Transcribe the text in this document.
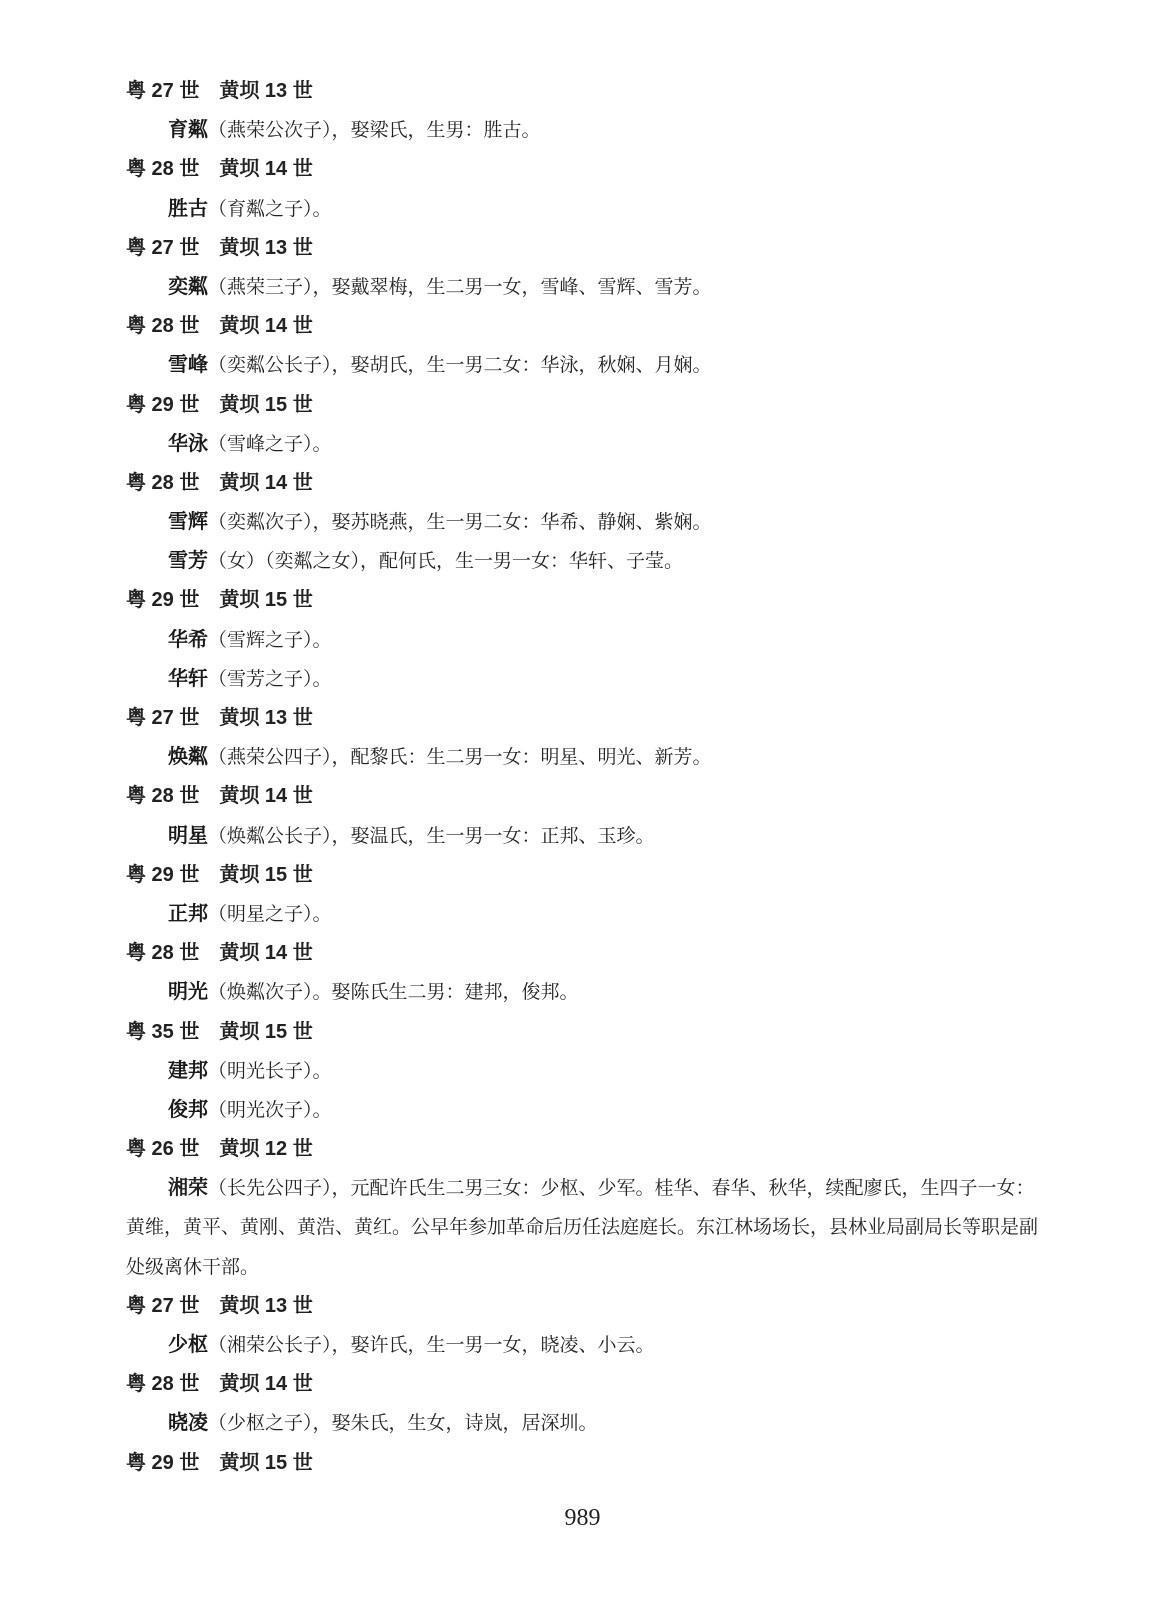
粤 27 世 黄坝 13 世
育粼（燕荣公次子），娶梁氏，生男：胜古。
粤 28 世 黄坝 14 世
胜古（育粼之子）。
粤 27 世 黄坝 13 世
奕粼（燕荣三子），娶戴翠梅，生二男一女，雪峰、雪辉、雪芳。
粤 28 世 黄坝 14 世
雪峰（奕粼公长子），娶胡氏，生一男二女：华泳，秋娴、月娴。
粤 29 世 黄坝 15 世
华泳（雪峰之子）。
粤 28 世 黄坝 14 世
雪辉（奕粼次子），娶苏晓燕，生一男二女：华希、静娴、紫娴。
雪芳（女）（奕粼之女），配何氏，生一男一女：华轩、子莹。
粤 29 世 黄坝 15 世
华希（雪辉之子）。
华轩（雪芳之子）。
粤 27 世 黄坝 13 世
焕粼（燕荣公四子），配黎氏：生二男一女：明星、明光、新芳。
粤 28 世 黄坝 14 世
明星（焕粼公长子），娶温氏，生一男一女：正邦、玉珍。
粤 29 世 黄坝 15 世
正邦（明星之子）。
粤 28 世 黄坝 14 世
明光（焕粼次子）。娶陈氏生二男：建邦，俊邦。
粤 35 世 黄坝 15 世
建邦（明光长子）。
俊邦（明光次子）。
粤 26 世 黄坝 12 世
湘荣（长先公四子），元配许氏生二男三女：少枢、少军。桂华、春华、秋华，续配廖氏，生四子一女：黄维，黄平、黄刚、黄浩、黄红。公早年参加革命后历任法庭庭长。东江林场场长，县林业局副局长等职是副处级离休干部。
粤 27 世 黄坝 13 世
少枢（湘荣公长子），娶许氏，生一男一女，晓凌、小云。
粤 28 世 黄坝 14 世
晓凌（少枢之子），娶朱氏，生女，诗岚，居深圳。
粤 29 世 黄坝 15 世
989
